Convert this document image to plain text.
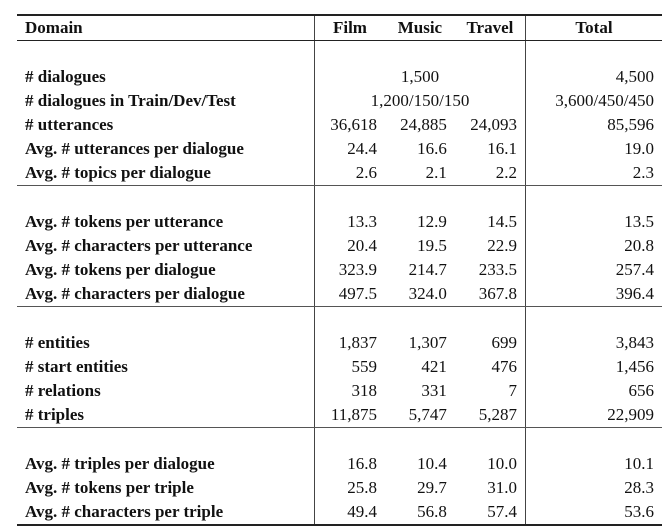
Domain	Film	Music	Travel	Total

# dialogues	1,500			4,500
# dialogues in Train/Dev/Test	1,200/150/150			3,600/450/450
# utterances	36,618	24,885	24,093	85,596
Avg. # utterances per dialogue	24.4	16.6	16.1	19.0
Avg. # topics per dialogue	2.6	2.1	2.2	2.3

Avg. # tokens per utterance	13.3	12.9	14.5	13.5
Avg. # characters per utterance	20.4	19.5	22.9	20.8
Avg. # tokens per dialogue	323.9	214.7	233.5	257.4
Avg. # characters per dialogue	497.5	324.0	367.8	396.4

# entities	1,837	1,307	699	3,843
# start entities	559	421	476	1,456
# relations	318	331	7	656
# triples	11,875	5,747	5,287	22,909

Avg. # triples per dialogue	16.8	10.4	10.0	10.1
Avg. # tokens per triple	25.8	29.7	31.0	28.3
Avg. # characters per triple	49.4	56.8	57.4	53.6
